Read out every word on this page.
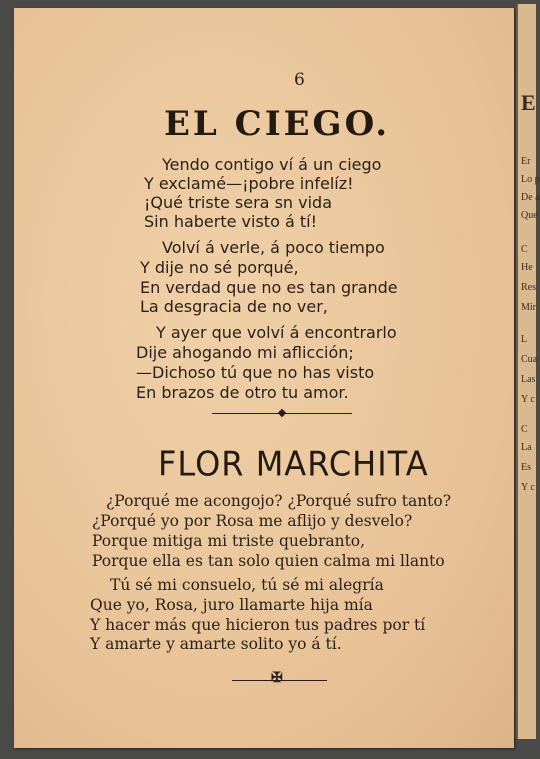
6
EL CIEGO.
Yendo contigo ví á un ciego
Y exclamé—¡pobre infelíz!
¡Qué triste sera sn vida
Sin haberte visto á tí!
Volví á verle, á poco tiempo
Y dije no sé porqué,
En verdad que no es tan grande
La desgracia de no ver,
Y ayer que volví á encontrarlo
Dije ahogando mi aflicción;
—Dichoso tú que no has visto
En brazos de otro tu amor.
FLOR MARCHITA
¿Porqué me acongojo? ¿Porqué sufro tanto?
¿Porqué yo por Rosa me aflijo y desvelo?
Porque mitiga mi triste quebranto,
Porque ella es tan solo quien calma mi llanto
Tú sé mi consuelo, tú sé mi alegría
Que yo, Rosa, juro llamarte hija mía
Y hacer más que hicieron tus padres por tí
Y amarte y amarte solito yo á tí.
✠
E
Er
Lo p
De a
Que
C
He
Res
Mir
L
Cua
Las
Y c
C
La
Es
Y c
